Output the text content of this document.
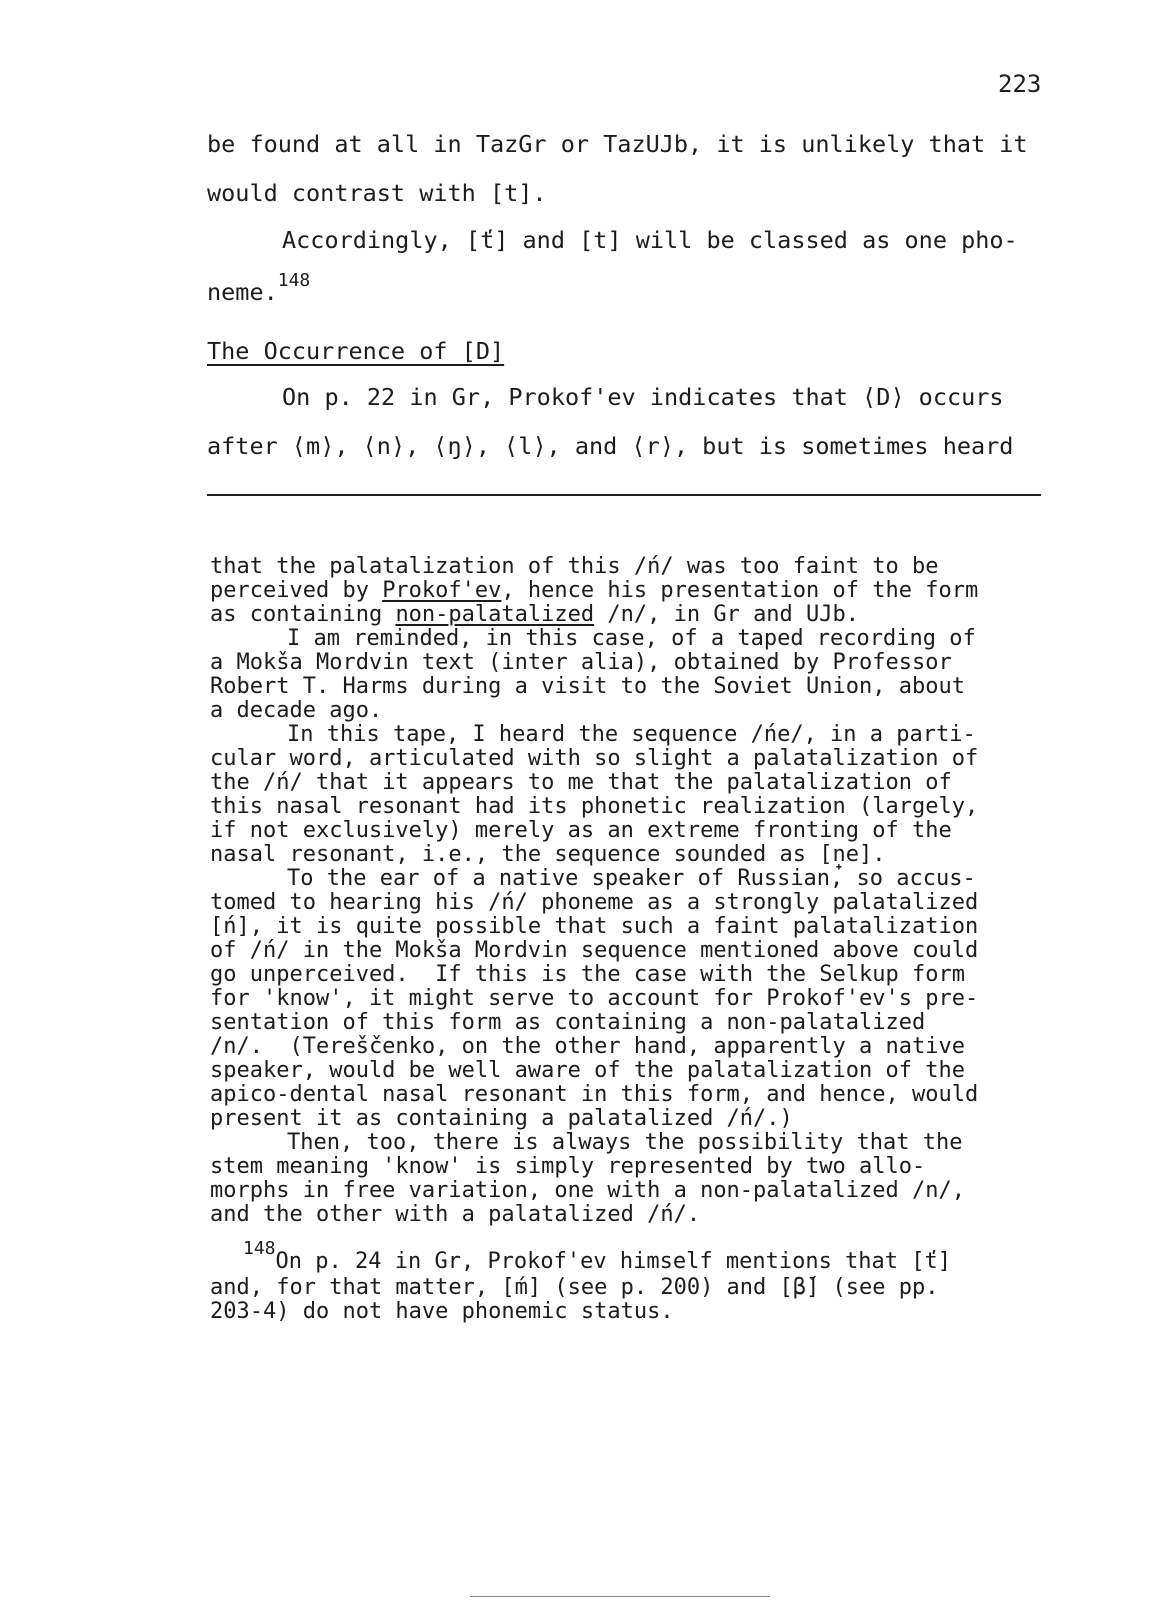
223
be found at all in TazGr or TazUJb, it is unlikely that it
would contrast with [t].
Accordingly, [ť] and [t] will be classed as one pho-
neme.$^{148}$
The Occurrence of [D]
On p. 22 in Gr, Prokof'ev indicates that ⟨D⟩ occurs
after ⟨m⟩, ⟨n⟩, ⟨ŋ⟩, ⟨l⟩, and ⟨r⟩, but is sometimes heard
that the palatalization of this /ń/ was too faint to be
perceived by Prokof'ev, hence his presentation of the form
as containing non-palatalized /n/, in Gr and UJb.
I am reminded, in this case, of a taped recording of
a Mokša Mordvin text (inter alia), obtained by Professor
Robert T. Harms during a visit to the Soviet Union, about
a decade ago.
In this tape, I heard the sequence /ńe/, in a parti-
cular word, articulated with so slight a palatalization of
the /ń/ that it appears to me that the palatalization of
this nasal resonant had its phonetic realization (largely,
if not exclusively) merely as an extreme fronting of the
nasal resonant, i.e., the sequence sounded as [n̟e].
To the ear of a native speaker of Russian, so accus-
tomed to hearing his /ń/ phoneme as a strongly palatalized
[ń], it is quite possible that such a faint palatalization
of /ń/ in the Mokša Mordvin sequence mentioned above could
go unperceived.  If this is the case with the Selkup form
for 'know', it might serve to account for Prokof'ev's pre-
sentation of this form as containing a non-palatalized
/n/.  (Tereščenko, on the other hand, apparently a native
speaker, would be well aware of the palatalization of the
apico-dental nasal resonant in this form, and hence, would
present it as containing a palatalized /ń/.)
Then, too, there is always the possibility that the
stem meaning 'know' is simply represented by two allo-
morphs in free variation, one with a non-palatalized /n/,
and the other with a palatalized /ń/.
$^{148}$On p. 24 in Gr, Prokof'ev himself mentions that [ť]
and, for that matter, [ḿ] (see p. 200) and [β́] (see pp.
203-4) do not have phonemic status.
